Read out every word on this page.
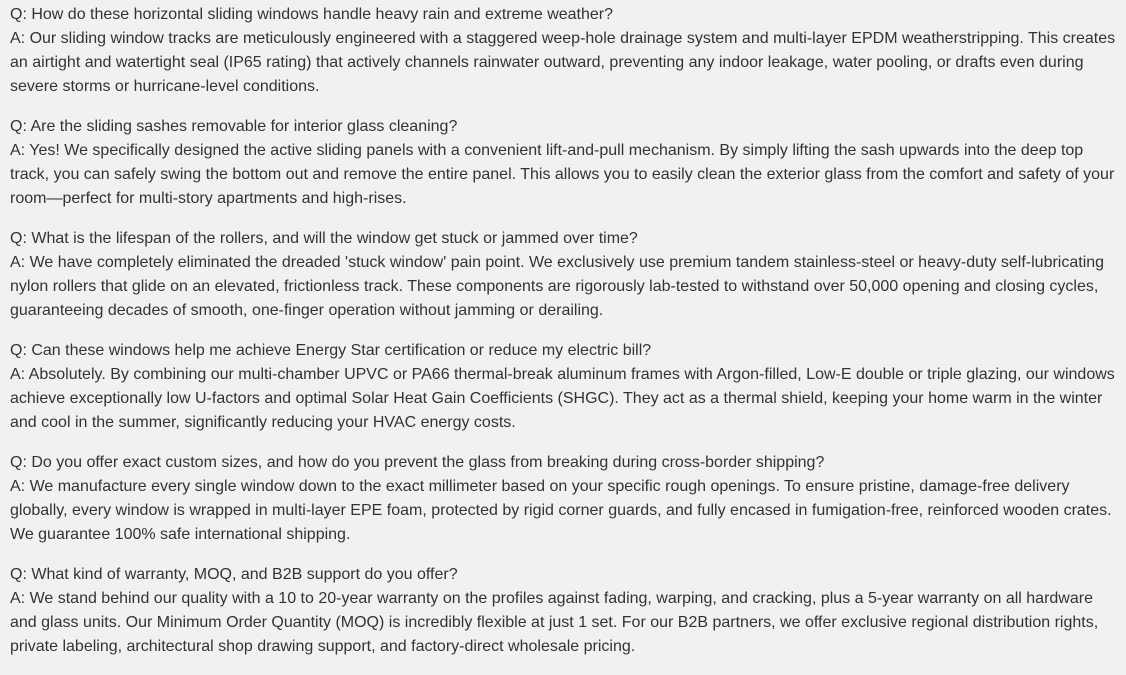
Q: How do these horizontal sliding windows handle heavy rain and extreme weather?

A: Our sliding window tracks are meticulously engineered with a staggered weep-hole drainage system and multi-layer EPDM weatherstripping. This creates an airtight and watertight seal (IP65 rating) that actively channels rainwater outward, preventing any indoor leakage, water pooling, or drafts even during severe storms or hurricane-level conditions.

Q: Are the sliding sashes removable for interior glass cleaning?

A: Yes! We specifically designed the active sliding panels with a convenient lift-and-pull mechanism. By simply lifting the sash upwards into the deep top track, you can safely swing the bottom out and remove the entire panel. This allows you to easily clean the exterior glass from the comfort and safety of your room—perfect for multi-story apartments and high-rises.

Q: What is the lifespan of the rollers, and will the window get stuck or jammed over time?

A: We have completely eliminated the dreaded 'stuck window' pain point. We exclusively use premium tandem stainless-steel or heavy-duty self-lubricating nylon rollers that glide on an elevated, frictionless track. These components are rigorously lab-tested to withstand over 50,000 opening and closing cycles, guaranteeing decades of smooth, one-finger operation without jamming or derailing.

Q: Can these windows help me achieve Energy Star certification or reduce my electric bill?

A: Absolutely. By combining our multi-chamber UPVC or PA66 thermal-break aluminum frames with Argon-filled, Low-E double or triple glazing, our windows achieve exceptionally low U-factors and optimal Solar Heat Gain Coefficients (SHGC). They act as a thermal shield, keeping your home warm in the winter and cool in the summer, significantly reducing your HVAC energy costs.

Q: Do you offer exact custom sizes, and how do you prevent the glass from breaking during cross-border shipping?

A: We manufacture every single window down to the exact millimeter based on your specific rough openings. To ensure pristine, damage-free delivery globally, every window is wrapped in multi-layer EPE foam, protected by rigid corner guards, and fully encased in fumigation-free, reinforced wooden crates. We guarantee 100% safe international shipping.

Q: What kind of warranty, MOQ, and B2B support do you offer?

A: We stand behind our quality with a 10 to 20-year warranty on the profiles against fading, warping, and cracking, plus a 5-year warranty on all hardware and glass units. Our Minimum Order Quantity (MOQ) is incredibly flexible at just 1 set. For our B2B partners, we offer exclusive regional distribution rights, private labeling, architectural shop drawing support, and factory-direct wholesale pricing.
